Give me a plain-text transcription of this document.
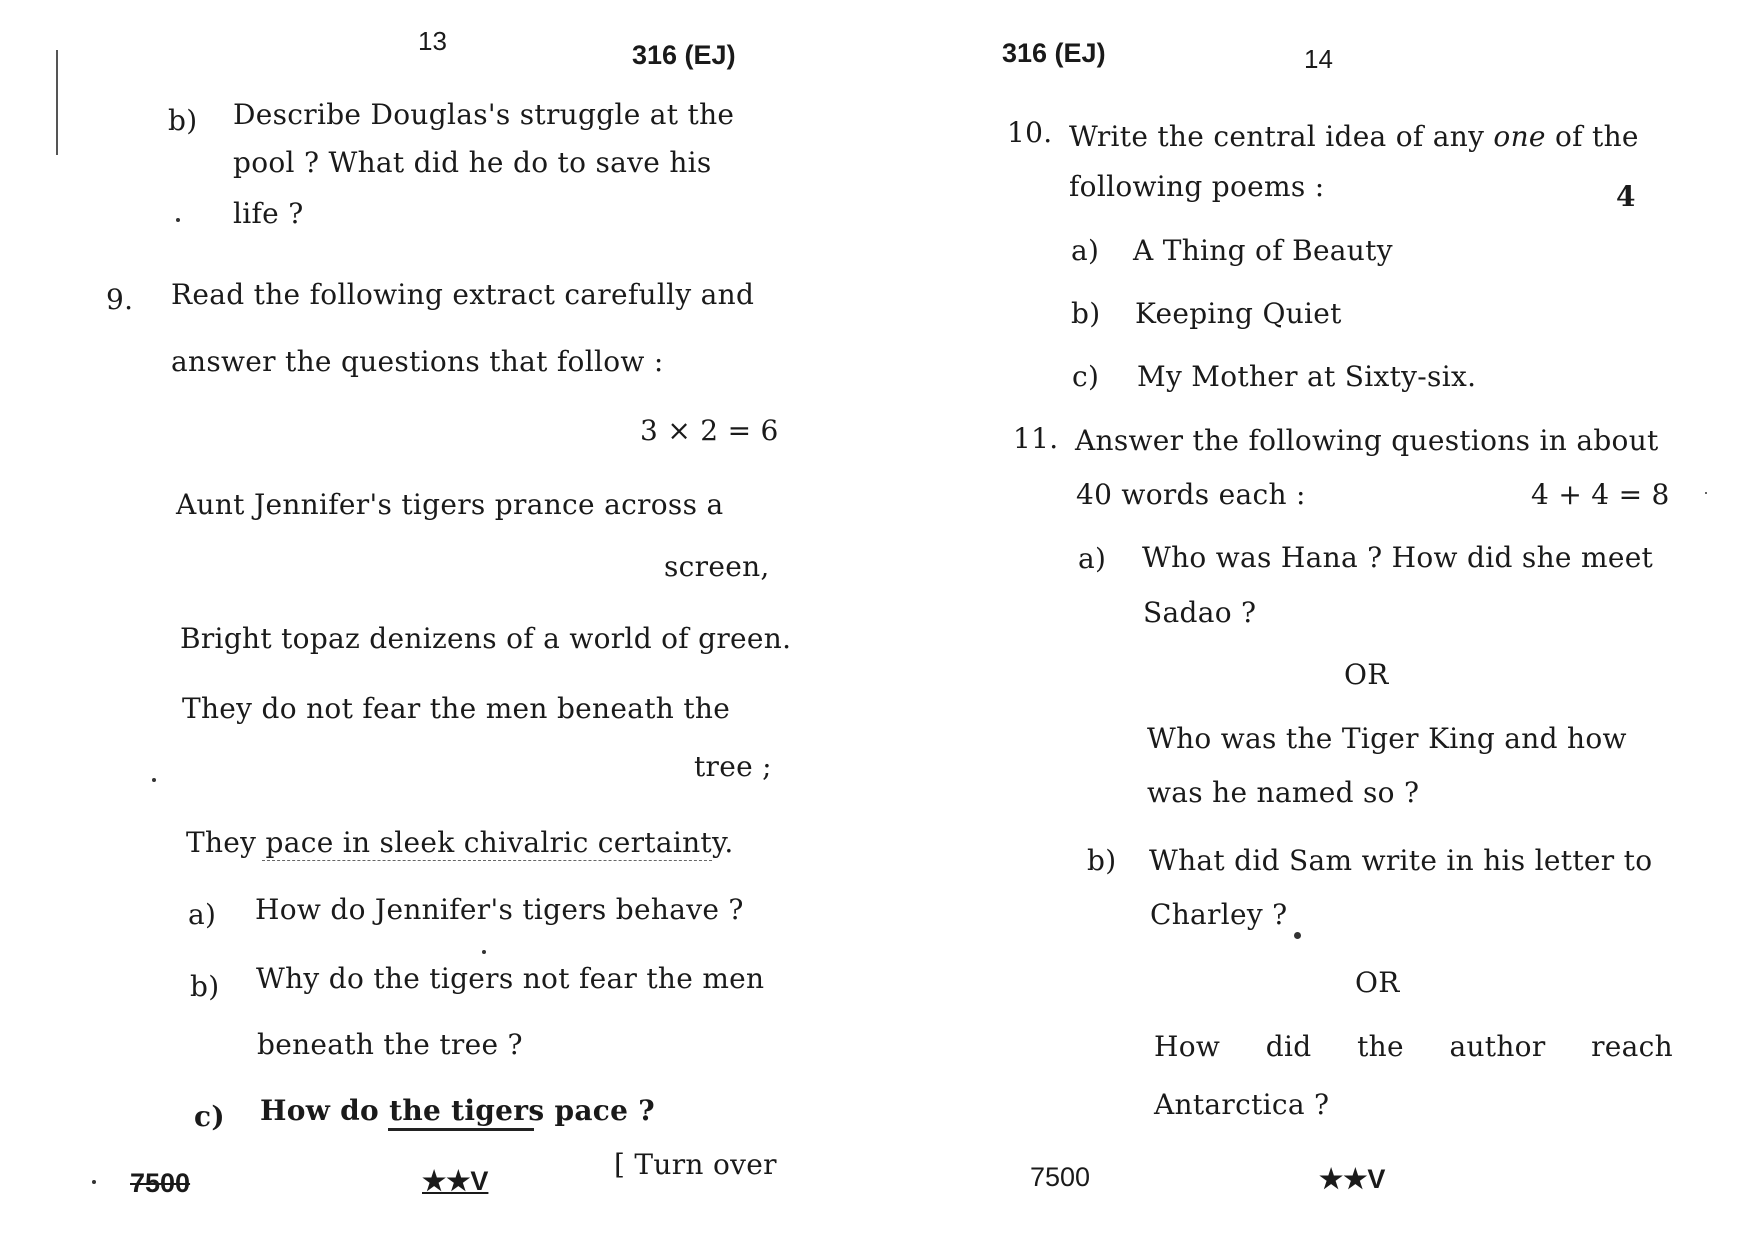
13	316 (EJ)
b) Describe Douglas's struggle at the
pool ? What did he do to save his
life ?
9. Read the following extract carefully and
answer the questions that follow :
3 × 2 = 6
Aunt Jennifer's tigers prance across a
screen,
Bright topaz denizens of a world of green.
They do not fear the men beneath the
tree ;
They pace in sleek chivalric certainty.
a) How do Jennifer's tigers behave ?
b) Why do the tigers not fear the men
beneath the tree ?
c) How do the tigers pace ?
7500	★★V	[ Turn over
316 (EJ)	14
10. Write the central idea of any one of the
following poems :	4
a) A Thing of Beauty
b) Keeping Quiet
c) My Mother at Sixty-six.
11. Answer the following questions in about
40 words each :	4 + 4 = 8
a) Who was Hana ? How did she meet
Sadao ?
OR
Who was the Tiger King and how
was he named so ?
b) What did Sam write in his letter to
Charley ?
OR
How did the author reach
Antarctica ?
7500	★★V
